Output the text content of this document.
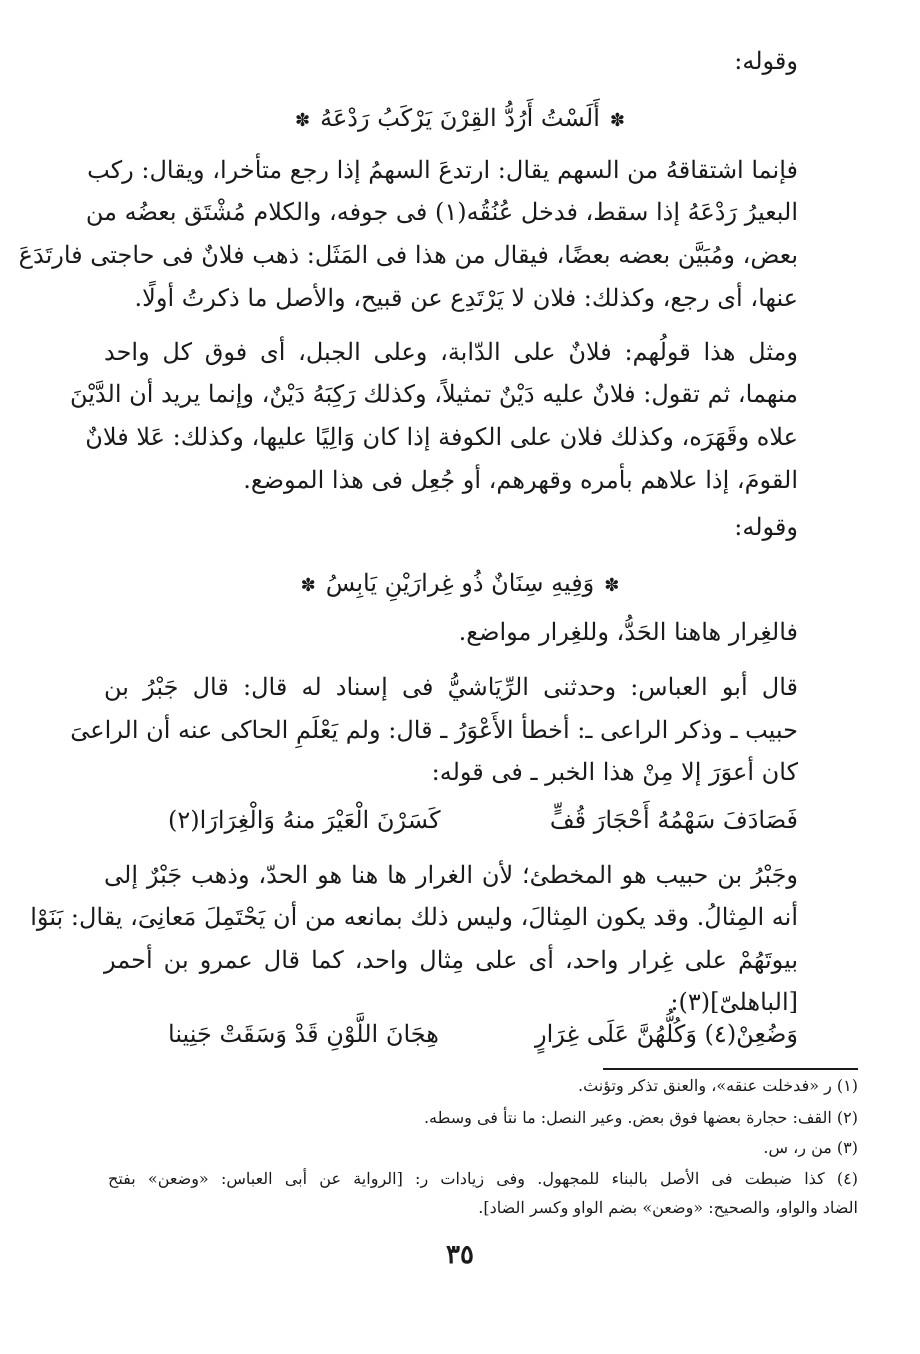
وقوله:
✽أَلَسْتُ أَرُدُّ القِرْنَ يَرْكَبُ رَدْعَهُ✽
فإنما اشتقاقهُ من السهم يقال: ارتدعَ السهمُ إذا رجع متأخرا، ويقال: ركب
البعيرُ رَدْعَهُ إذا سقط، فدخل عُنُقُه(١) فى جوفه، والكلام مُشْتَق بعضُه من
بعض، ومُبَيَّن بعضه بعضًا، فيقال من هذا فى المَثَل: ذهب فلانٌ فى حاجتى فارتَدَعَ
عنها، أى رجع، وكذلك: فلان لا يَرْتَدِع عن قبيح، والأصل ما ذكرتُ أولًا.
ومثل هذا قولُهم: فلانٌ على الدّابة، وعلى الجبل، أى فوق كل واحد
منهما، ثم تقول: فلانٌ عليه دَيْنٌ تمثيلاً، وكذلك رَكِبَهُ دَيْنٌ، وإنما يريد أن الدَّيْنَ
علاه وقَهَرَه، وكذلك فلان على الكوفة إذا كان وَالِيًا عليها، وكذلك: عَلا فلانٌ
القومَ، إذا علاهم بأمره وقهرهم، أو جُعِل فى هذا الموضع.
وقوله:
✽وَفِيهِ سِنَانٌ ذُو غِرارَيْنِ يَابِسُ✽
فالغِرار هاهنا الحَدُّ، وللغِرار مواضع.
قال أبو العباس: وحدثنى الرِّيَاشيُّ فى إسناد له قال: قال جَبْرُ بن
حبيب ـ وذكر الراعى ـ: أخطأ الأَعْوَرُ ـ قال: ولم يَعْلَمِ الحاكى عنه أن الراعىَ
كان أعوَرَ إلا مِنْ هذا الخبر ـ فى قوله:
فَصَادَفَ سَهْمُهُ أَحْجَارَ قُفٍّ
كَسَرْنَ الْعَيْرَ منهُ وَالْغِرَارَا(٢)
وجَبْرُ بن حبيب هو المخطئ؛ لأن الغرار ها هنا هو الحدّ، وذهب جَبْرٌ إلى
أنه المِثالُ. وقد يكون المِثالَ، وليس ذلك بمانعه من أن يَحْتَمِلَ مَعانِىَ، يقال: بَنَوْا
بيوتَهُمْ على غِرار واحد، أى على مِثال واحد، كما قال عمرو بن أحمر
[الباهلىّ](٣):
وَضُعِنْ(٤) وَكُلُّهُنَّ عَلَى غِرَارٍ
هِجَانَ اللَّوْنِ قَدْ وَسَقَتْ جَنِينا
(١) ر «فدخلت عنقه»، والعنق تذكر وتؤنث.
(٢) القف: حجارة بعضها فوق بعض. وعير النصل: ما نتأ فى وسطه.
(٣) من ر، س.
(٤) كذا ضبطت فى الأصل بالبناء للمجهول. وفى زيادات ر: [الرواية عن أبى العباس: «وضعن» بفتح
الضاد والواو، والصحيح: «وضعن» بضم الواو وكسر الضاد].
٣٥
